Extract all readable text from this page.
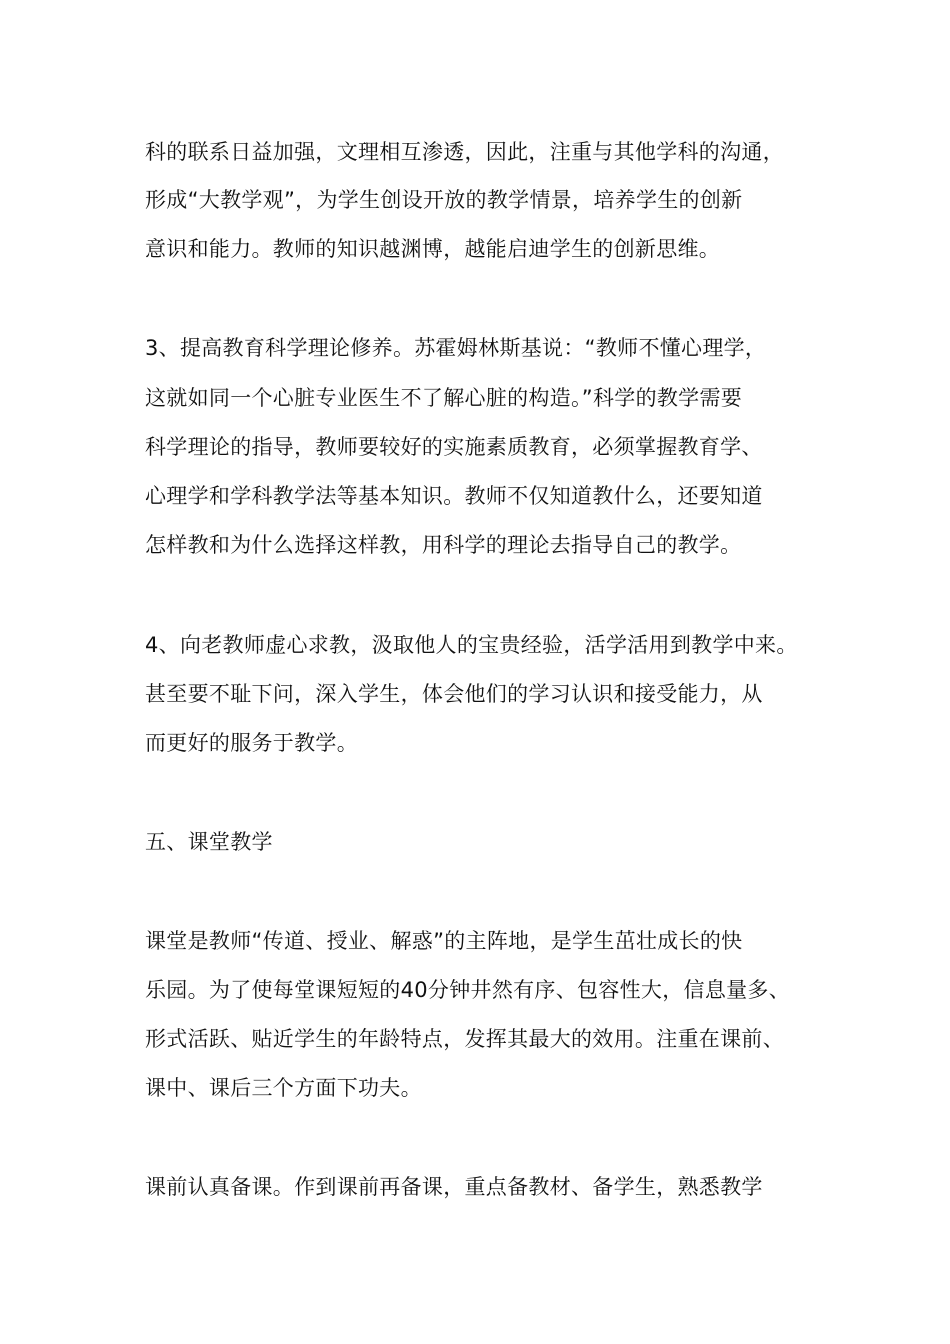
科的联系日益加强，文理相互渗透，因此，注重与其他学科的沟通，
形成“大教学观”，为学生创设开放的教学情景，培养学生的创新
意识和能力。教师的知识越渊博，越能启迪学生的创新思维。
3、提高教育科学理论修养。苏霍姆林斯基说：“教师不懂心理学，
这就如同一个心脏专业医生不了解心脏的构造。”科学的教学需要
科学理论的指导，教师要较好的实施素质教育，必须掌握教育学、
心理学和学科教学法等基本知识。教师不仅知道教什么，还要知道
怎样教和为什么选择这样教，用科学的理论去指导自己的教学。
4、向老教师虚心求教，汲取他人的宝贵经验，活学活用到教学中来。
甚至要不耻下问，深入学生，体会他们的学习认识和接受能力，从
而更好的服务于教学。
五、课堂教学
课堂是教师“传道、授业、解惑”的主阵地，是学生茁壮成长的快
乐园。为了使每堂课短短的40分钟井然有序、包容性大，信息量多、
形式活跃、贴近学生的年龄特点，发挥其最大的效用。注重在课前、
课中、课后三个方面下功夫。
课前认真备课。作到课前再备课，重点备教材、备学生，熟悉教学
